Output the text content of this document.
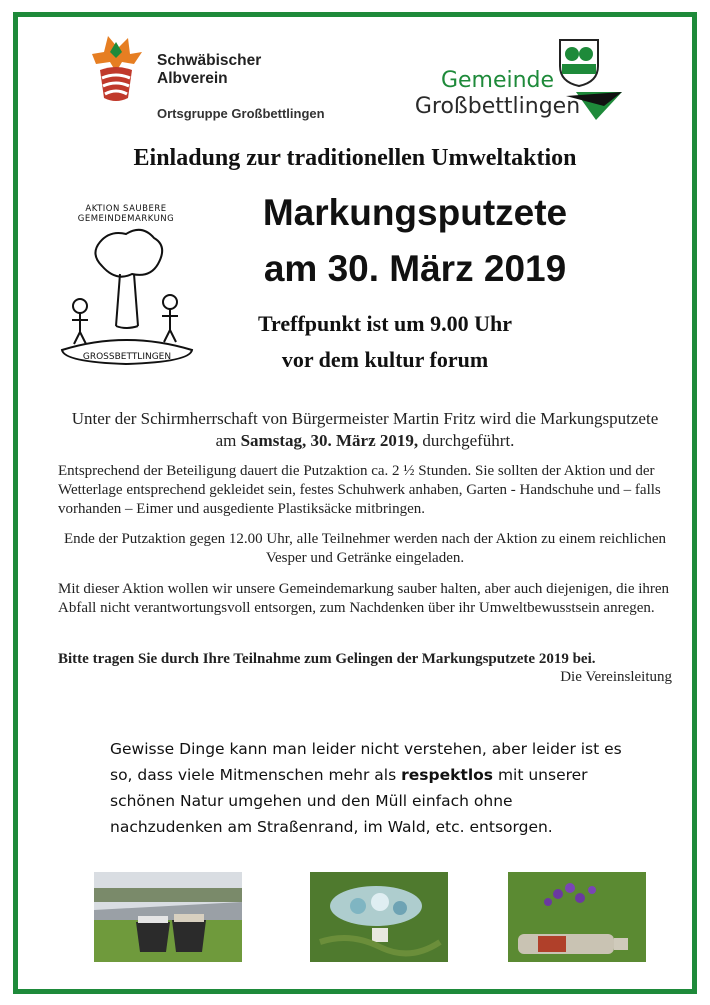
Schwäbischer
Albverein
Ortsgruppe Großbettlingen
Gemeinde
Großbettlingen
Einladung zur traditionellen Umweltaktion
AKTION SAUBERE GEMEINDEMARKUNG
GROSSBETTLINGEN
Markungsputzete
am 30. März 2019
Treffpunkt ist um 9.00 Uhr
vor dem kultur forum
Unter der Schirmherrschaft von Bürgermeister Martin Fritz wird die Markungsputzete am Samstag, 30. März 2019, durchgeführt.
Entsprechend der Beteiligung dauert die Putzaktion ca. 2 ½ Stunden. Sie sollten der Aktion und der Wetterlage entsprechend gekleidet sein, festes Schuhwerk anhaben, Garten - Handschuhe und – falls vorhanden – Eimer und ausgediente Plastiksäcke mitbringen.
Ende der Putzaktion gegen 12.00 Uhr, alle Teilnehmer werden nach der Aktion zu einem reichlichen Vesper und Getränke eingeladen.
Mit dieser Aktion wollen wir unsere Gemeindemarkung sauber halten, aber auch diejenigen, die ihren Abfall nicht verantwortungsvoll entsorgen, zum Nachdenken über ihr Umweltbewusstsein anregen.
Bitte tragen Sie durch Ihre Teilnahme zum Gelingen der Markungsputzete 2019 bei.
Die Vereinsleitung
Gewisse Dinge kann man leider nicht verstehen, aber leider ist es so, dass viele Mitmenschen mehr als respektlos mit unserer schönen Natur umgehen und den Müll einfach ohne nachzudenken am Straßenrand, im Wald, etc. entsorgen.
